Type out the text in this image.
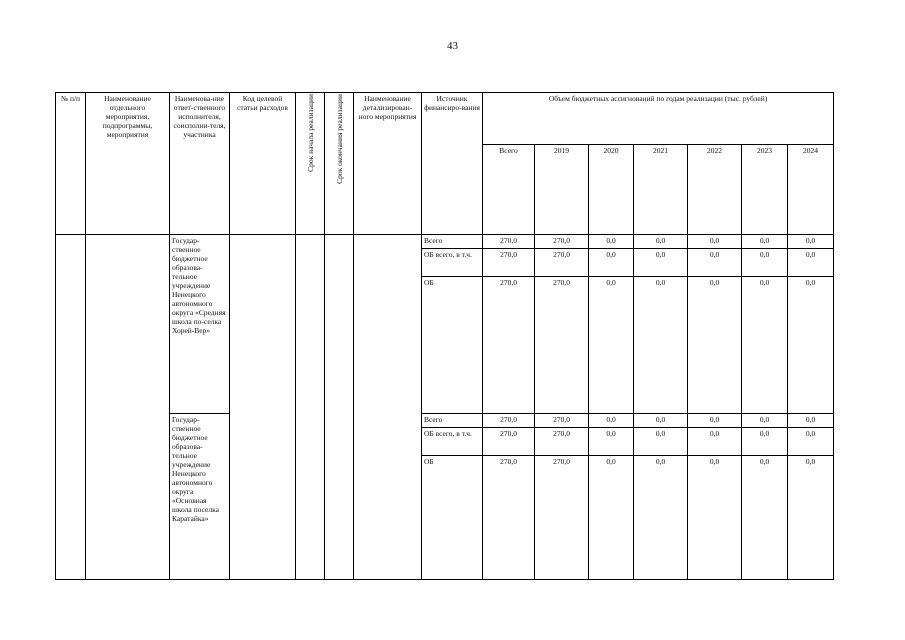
43
№ п/п	Наименование отдельного мероприятия, подпрограммы, мероприятия	Наименова-ние ответ-ственного исполнителя, соисполни-теля, участника	Код целевой статьи расходов	Срок начала реализации	Срок окончания реализации	Наименование детализирован-ного мероприятия	Источник финансиро-вания	Объем бюджетных ассигнований по годам реализации (тыс. рублей)						
								Всего	2019	2020	2021	2022	2023	2024
		Государ-ственное бюджетное образова-тельное учреждение Ненецкого автономного округа «Средняя школа по-селка Хорей-Вер»					Всего	270,0	270,0	0,0	0,0	0,0	0,0	0,0
							ОБ всего, в т.ч.	270,0	270,0	0,0	0,0	0,0	0,0	0,0
							ОБ	270,0	270,0	0,0	0,0	0,0	0,0	0,0
		Государ-ственное бюджетное образова-тельное учреждение Ненецкого автономного округа «Основная школа поселка Каратайка»					Всего	270,0	270,0	0,0	0,0	0,0	0,0	0,0
							ОБ всего, в т.ч.	270,0	270,0	0,0	0,0	0,0	0,0	0,0
							ОБ	270,0	270,0	0,0	0,0	0,0	0,0	0,0
